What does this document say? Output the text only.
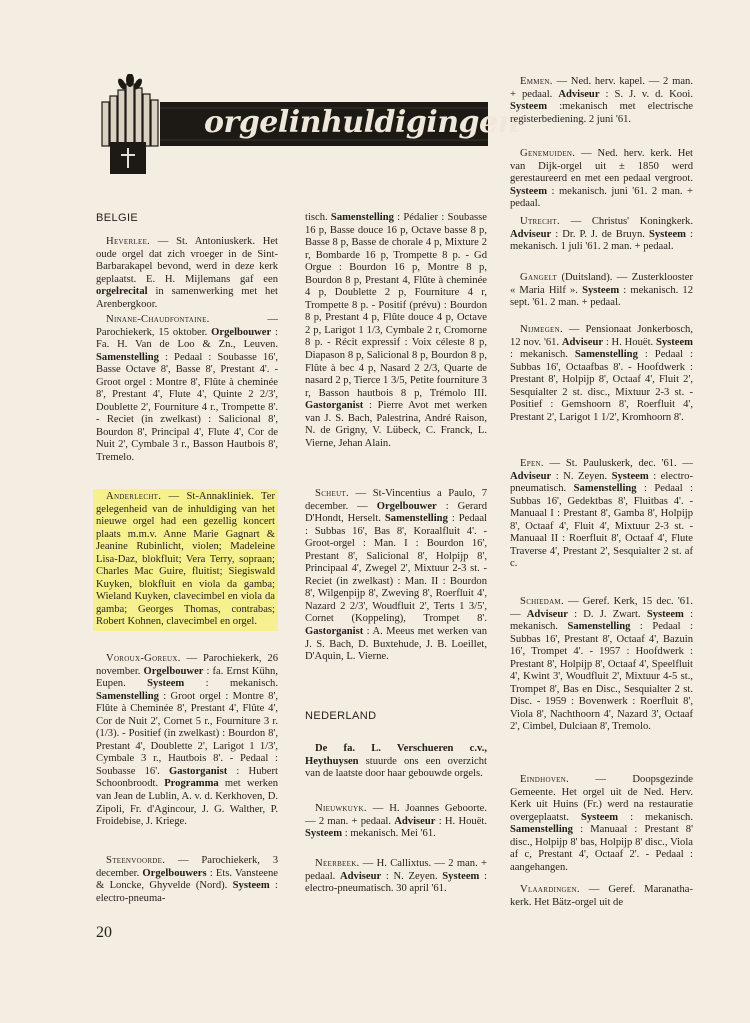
orgelinhuldigingen

BELGIE

Heverlee. — St. Antoniuskerk. Het oude orgel dat zich vroeger in de Sint-Barbarakapel bevond, werd in deze kerk geplaatst. E. H. Mijlemans gaf een orgelrecital in samenwerking met het Arenbergkoor.

Ninane-Chaudfontaine. — Parochiekerk, 15 oktober. Orgelbouwer : Fa. H. Van de Loo & Zn., Leuven. Samenstelling : Pedaal : Soubasse 16', Basse Octave 8', Basse 8', Prestant 4'. - Groot orgel : Montre 8', Flûte à cheminée 8', Prestant 4', Flute 4', Quinte 2 2/3', Doublette 2', Fourniture 4 r., Trompette 8'. - Reciet (in zwelkast) : Salicional 8', Bourdon 8', Principal 4', Flute 4', Cor de Nuit 2', Cymbale 3 r., Basson Hautbois 8', Tremelo.

Anderlecht. — St-Annakliniek. Ter gelegenheid van de inhuldiging van het nieuwe orgel had een gezellig koncert plaats m.m.v. Anne Marie Gagnart & Jeanine Rubinlicht, violen; Madeleine Lisa-Daz, blokfluit; Vera Terry, sopraan; Charles Mac Guire, fluitist; Siegiswald Kuyken, blokfluit en viola da gamba; Wieland Kuyken, clavecimbel en viola da gamba; Georges Thomas, contrabas; Robert Kohnen, clavecimbel en orgel.

Voroux-Goreux. — Parochiekerk, 26 november. Orgelbouwer : fa. Ernst Kühn, Eupen. Systeem : mekanisch. Samenstelling : Groot orgel : Montre 8', Flûte à Cheminée 8', Prestant 4', Flûte 4', Cor de Nuit 2', Cornet 5 r., Fourniture 3 r. (1/3). - Positief (in zwelkast) : Bourdon 8', Prestant 4', Doublette 2', Larigot 1 1/3', Cymbale 3 r., Hautbois 8'. - Pedaal : Soubasse 16'. Gastorganist : Hubert Schoonbroodt. Programma met werken van Jean de Lublin, A. v. d. Kerkhoven, D. Zipoli, Fr. d'Agincour, J. G. Walther, P. Froidebise, J. Kriege.

Steenvoorde. — Parochiekerk, 3 december. Orgelbouwers : Ets. Vansteene & Loncke, Ghyvelde (Nord). Systeem : electro-pneuma-

tisch. Samenstelling : Pédalier : Soubasse 16 p, Basse douce 16 p, Octave basse 8 p, Basse 8 p, Basse de chorale 4 p, Mixture 2 r, Bombarde 16 p, Trompette 8 p. - Gd Orgue : Bourdon 16 p, Montre 8 p, Bourdon 8 p, Prestant 4, Flûte à cheminée 4 p, Doublette 2 p, Fourniture 4 r, Trompette 8 p. - Positif (prévu) : Bourdon 8 p, Prestant 4 p, Flûte douce 4 p, Octave 2 p, Larigot 1 1/3, Cymbale 2 r, Cromorne 8 p. - Récit expressif : Voix céleste 8 p, Diapason 8 p, Salicional 8 p, Bourdon 8 p, Flûte à bec 4 p, Nasard 2 2/3, Quarte de nasard 2 p, Tierce 1 3/5, Petite fourniture 3 r, Basson hautbois 8 p, Trémolo III. Gastorganist : Pierre Avot met werken van J. S. Bach, Palestrina, André Raison, N. de Grigny, V. Lübeck, C. Franck, L. Vierne, Jehan Alain.

Scheut. — St-Vincentius a Paulo, 7 december. — Orgelbouwer : Gerard D'Hondt, Herselt. Samenstelling : Pedaal : Subbas 16', Bas 8', Koraalfluit 4'. - Groot-orgel : Man. I : Bourdon 16', Prestant 8', Salicional 8', Holpijp 8', Principaal 4', Zwegel 2', Mixtuur 2-3 st. - Reciet (in zwelkast) : Man. II : Bourdon 8', Wilgenpijp 8', Zweving 8', Roerfluit 4', Nazard 2 2/3', Woudfluit 2', Terts 1 3/5', Cornet (Koppeling), Trompet 8'. Gastorganist : A. Meeus met werken van J. S. Bach, D. Buxtehude, J. B. Loeillet, D'Aquin, L. Vierne.

NEDERLAND

De fa. L. Verschueren c.v., Heythuysen stuurde ons een overzicht van de laatste door haar gebouwde orgels.

Nieuwkuyk. — H. Joannes Geboorte. — 2 man. + pedaal. Adviseur : H. Houët. Systeem : mekanisch. Mei '61.

Neerbeek. — H. Callixtus. — 2 man. + pedaal. Adviseur : N. Zeyen. Systeem : electro-pneumatisch. 30 april '61.

Emmen. — Ned. herv. kapel. — 2 man. + pedaal. Adviseur : S. J. v. d. Kooi. Systeem :mekanisch met electrische registerbediening. 2 juni '61.

Genemuiden. — Ned. herv. kerk. Het van Dijk-orgel uit ± 1850 werd gerestaureerd en met een pedaal vergroot. Systeem : mekanisch. juni '61. 2 man. + pedaal.

Utrecht. — Christus' Koningkerk. Adviseur : Dr. P. J. de Bruyn. Systeem : mekanisch. 1 juli '61. 2 man. + pedaal.

Gangelt (Duitsland). — Zusterklooster « Maria Hilf ». Systeem : mekanisch. 12 sept. '61. 2 man. + pedaal.

Nijmegen. — Pensionaat Jonkerbosch, 12 nov. '61. Adviseur : H. Houët. Systeem : mekanisch. Samenstelling : Pedaal : Subbas 16', Octaafbas 8'. - Hoofdwerk : Prestant 8', Holpijp 8', Octaaf 4', Fluit 2', Sesquialter 2 st. disc., Mixtuur 2-3 st. - Positief : Gemshoorn 8', Roerfluit 4', Prestant 2', Larigot 1 1/2', Kromhoorn 8'.

Epen. — St. Pauluskerk, dec. '61. — Adviseur : N. Zeyen. Systeem : electro-pneumatisch. Samenstelling : Pedaal : Subbas 16', Gedektbas 8', Fluitbas 4'. - Manuaal I : Prestant 8', Gamba 8', Holpijp 8', Octaaf 4', Fluit 4', Mixtuur 2-3 st. - Manuaal II : Roerfluit 8', Octaaf 4', Flute Traverse 4', Prestant 2', Sesquialter 2 st. af c.

Schiedam. — Geref. Kerk, 15 dec. '61. — Adviseur : D. J. Zwart. Systeem : mekanisch. Samenstelling : Pedaal : Subbas 16', Prestant 8', Octaaf 4', Bazuin 16', Trompet 4'. - 1957 : Hoofdwerk : Prestant 8', Holpijp 8', Octaaf 4', Speelfluit 4', Kwint 3', Woudfluit 2', Mixtuur 4-5 st., Trompet 8', Bas en Disc., Sesquialter 2 st. Disc. - 1959 : Bovenwerk : Roerfluit 8', Viola 8', Nachthoorn 4', Nazard 3', Octaaf 2', Cimbel, Dulciaan 8', Tremolo.

Eindhoven. — Doopsgezinde Gemeente. Het orgel uit de Ned. Herv. Kerk uit Huins (Fr.) werd na restauratie overgeplaatst. Systeem : mekanisch. Samenstelling : Manuaal : Prestant 8' disc., Holpijp 8' bas, Holpijp 8' disc., Viola af c, Prestant 4', Octaaf 2'. - Pedaal : aangehangen.

Vlaardingen. — Geref. Maranatha-kerk. Het Bätz-orgel uit de

20
